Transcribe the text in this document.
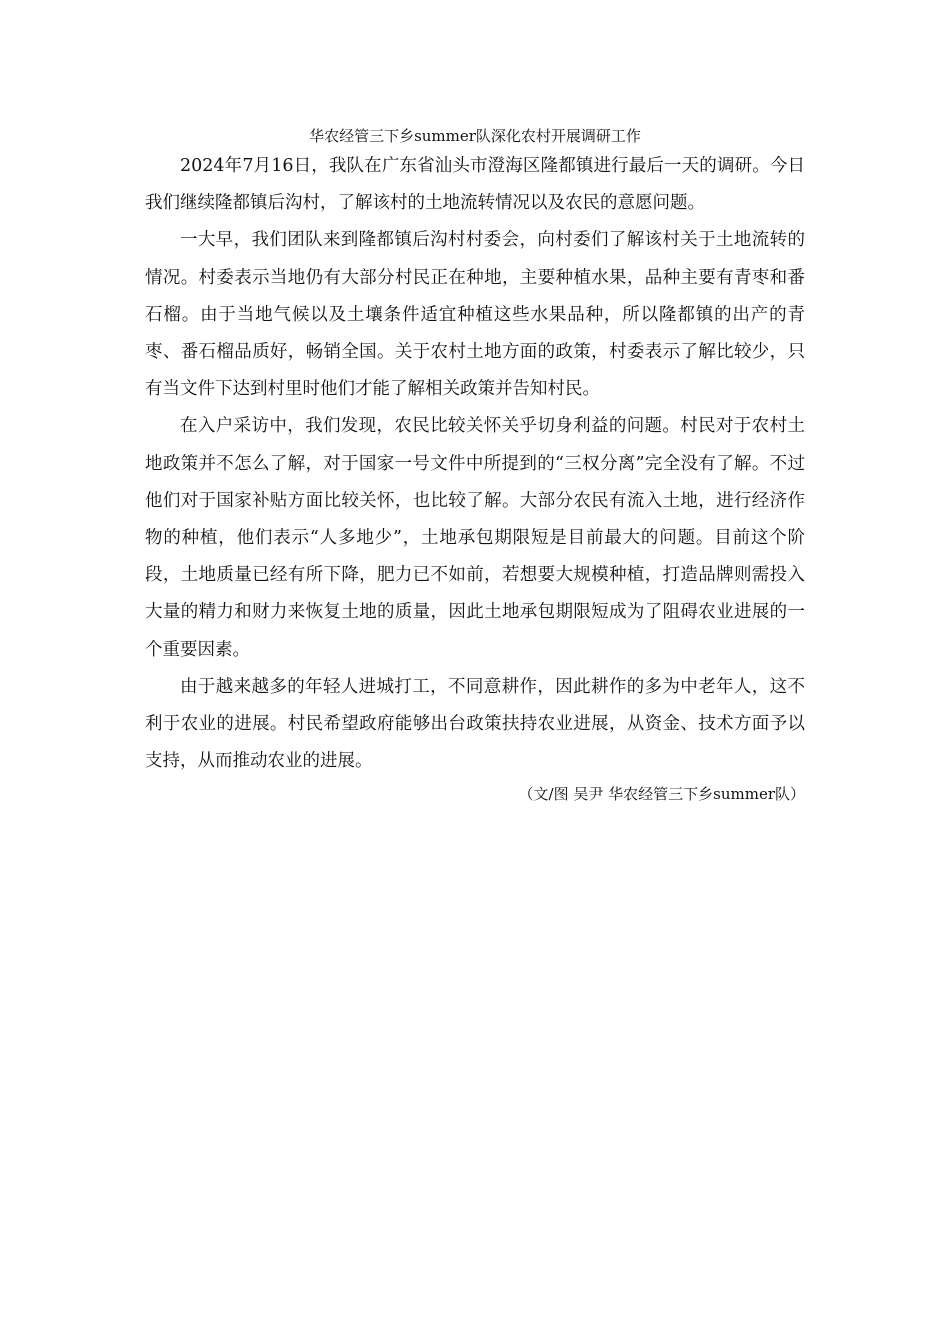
华农经管三下乡summer队深化农村开展调研工作

2024年7月16日，我队在广东省汕头市澄海区隆都镇进行最后一天的调研。今日我们继续隆都镇后沟村，了解该村的土地流转情况以及农民的意愿问题。

一大早，我们团队来到隆都镇后沟村村委会，向村委们了解该村关于土地流转的情况。村委表示当地仍有大部分村民正在种地，主要种植水果，品种主要有青枣和番石榴。由于当地气候以及土壤条件适宜种植这些水果品种，所以隆都镇的出产的青枣、番石榴品质好，畅销全国。关于农村土地方面的政策，村委表示了解比较少，只有当文件下达到村里时他们才能了解相关政策并告知村民。

在入户采访中，我们发现，农民比较关怀关乎切身利益的问题。村民对于农村土地政策并不怎么了解，对于国家一号文件中所提到的“三权分离”完全没有了解。不过他们对于国家补贴方面比较关怀，也比较了解。大部分农民有流入土地，进行经济作物的种植，他们表示“人多地少”，土地承包期限短是目前最大的问题。目前这个阶段，土地质量已经有所下降，肥力已不如前，若想要大规模种植，打造品牌则需投入大量的精力和财力来恢复土地的质量，因此土地承包期限短成为了阻碍农业进展的一个重要因素。

由于越来越多的年轻人进城打工，不同意耕作，因此耕作的多为中老年人，这不利于农业的进展。村民希望政府能够出台政策扶持农业进展，从资金、技术方面予以支持，从而推动农业的进展。

（文/图 吴尹 华农经管三下乡summer队）
